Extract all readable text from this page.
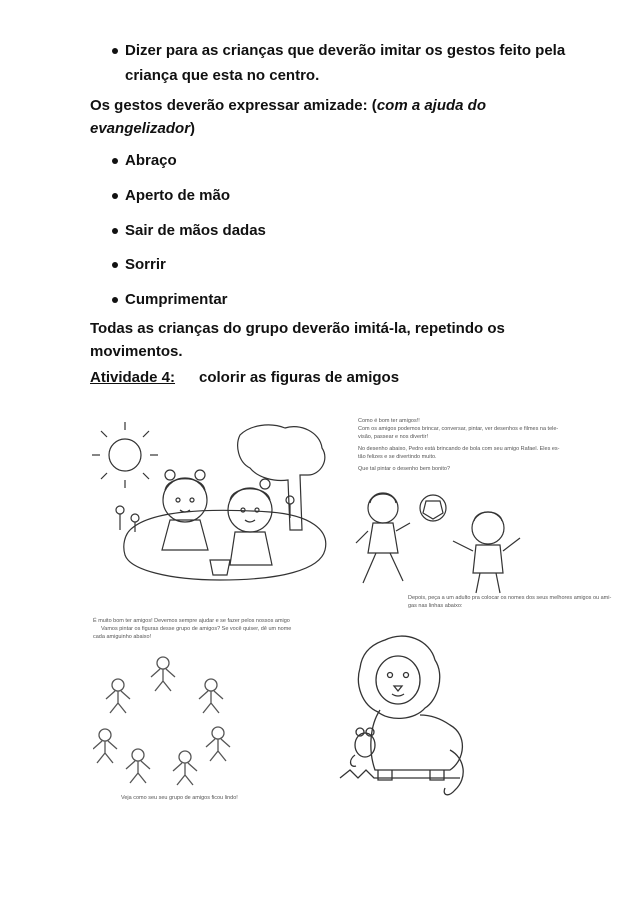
Dizer para as crianças que deverão imitar os gestos feito pela
criança que esta no centro.
Os gestos deverão expressar amizade: (com a ajuda do
evangelizador)
Abraço
Aperto de mão
Sair de mãos dadas
Sorrir
Cumprimentar
Todas as crianças do grupo deverão imitá-la, repetindo os
movimentos.
Atividade 4: colorir as figuras de amigos
Como é bom ter amigos!!
Com os amigos podemos brincar, conversar, pintar, ver desenhos e filmes na tele-
visão, passear e nos divertir!
No desenho abaixo, Pedro está brincando de bola com seu amigo Rafael. Eles es-
tão felizes e se divertindo muito.
Que tal pintar o desenho bem bonito?
Depois, peça a um adulto pra colocar os nomes dos seus melhores amigos ou ami-
gas nas linhas abaixo:
É muito bom ter amigos! Devemos sempre ajudar e se fazer pelos nossos amigo
Vamos pintar os figuras desse grupo de amigos? Se você quiser, dê um nome
cada amiguinho abaixo!
Veja como seu seu grupo de amigos ficou lindo!
